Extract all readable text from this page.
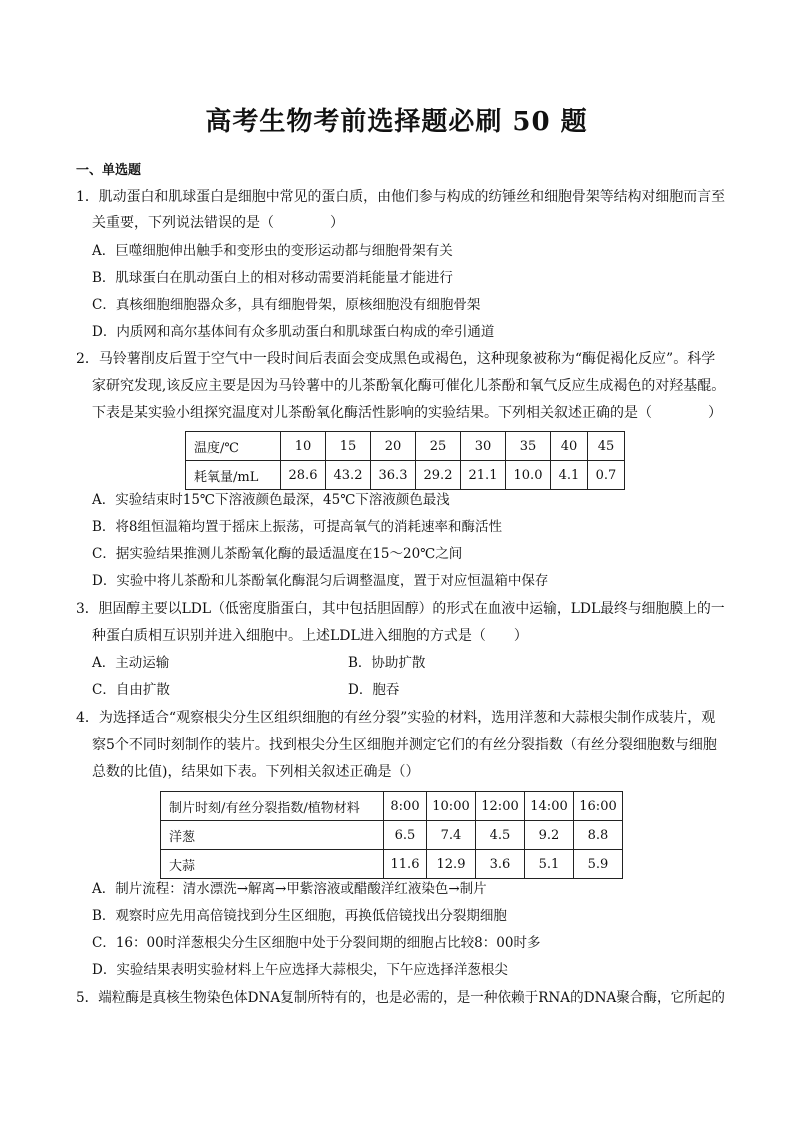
高考生物考前选择题必刷 50 题
一、单选题
1．肌动蛋白和肌球蛋白是细胞中常见的蛋白质，由他们参与构成的纺锤丝和细胞骨架等结构对细胞而言至
关重要，下列说法错误的是（　　　　）
A．巨噬细胞伸出触手和变形虫的变形运动都与细胞骨架有关
B．肌球蛋白在肌动蛋白上的相对移动需要消耗能量才能进行
C．真核细胞细胞器众多，具有细胞骨架，原核细胞没有细胞骨架
D．内质网和高尔基体间有众多肌动蛋白和肌球蛋白构成的牵引通道
2．马铃薯削皮后置于空气中一段时间后表面会变成黑色或褐色，这种现象被称为“酶促褐化反应”。科学
家研究发现,该反应主要是因为马铃薯中的儿茶酚氧化酶可催化儿茶酚和氧气反应生成褐色的对羟基醌。
下表是某实验小组探究温度对儿茶酚氧化酶活性影响的实验结果。下列相关叙述正确的是（　　　　）
温度/℃	10	15	20	25	30	35	40	45
耗氧量/mL	28.6	43.2	36.3	29.2	21.1	10.0	4.1	0.7
A．实验结束时15℃下溶液颜色最深，45℃下溶液颜色最浅
B．将8组恒温箱均置于摇床上振荡，可提高氧气的消耗速率和酶活性
C．据实验结果推测儿茶酚氧化酶的最适温度在15～20℃之间
D．实验中将儿茶酚和儿茶酚氧化酶混匀后调整温度，置于对应恒温箱中保存
3．胆固醇主要以LDL（低密度脂蛋白，其中包括胆固醇）的形式在血液中运输，LDL最终与细胞膜上的一
种蛋白质相互识别并进入细胞中。上述LDL进入细胞的方式是（　　）
A．主动运输	B．协助扩散
C．自由扩散	D．胞吞
4．为选择适合“观察根尖分生区组织细胞的有丝分裂”实验的材料，选用洋葱和大蒜根尖制作成装片，观
察5个不同时刻制作的装片。找到根尖分生区细胞并测定它们的有丝分裂指数（有丝分裂细胞数与细胞
总数的比值)，结果如下表。下列相关叙述正确是（）
制片时刻/有丝分裂指数/植物材料	8:00	10:00	12:00	14:00	16:00
洋葱	6.5	7.4	4.5	9.2	8.8
大蒜	11.6	12.9	3.6	5.1	5.9
A．制片流程：清水漂洗→解离→甲紫溶液或醋酸洋红液染色→制片
B．观察时应先用高倍镜找到分生区细胞，再换低倍镜找出分裂期细胞
C．16：00时洋葱根尖分生区细胞中处于分裂间期的细胞占比较8：00时多
D．实验结果表明实验材料上午应选择大蒜根尖，下午应选择洋葱根尖
5．端粒酶是真核生物染色体DNA复制所特有的，也是必需的，是一种依赖于RNA的DNA聚合酶，它所起的
